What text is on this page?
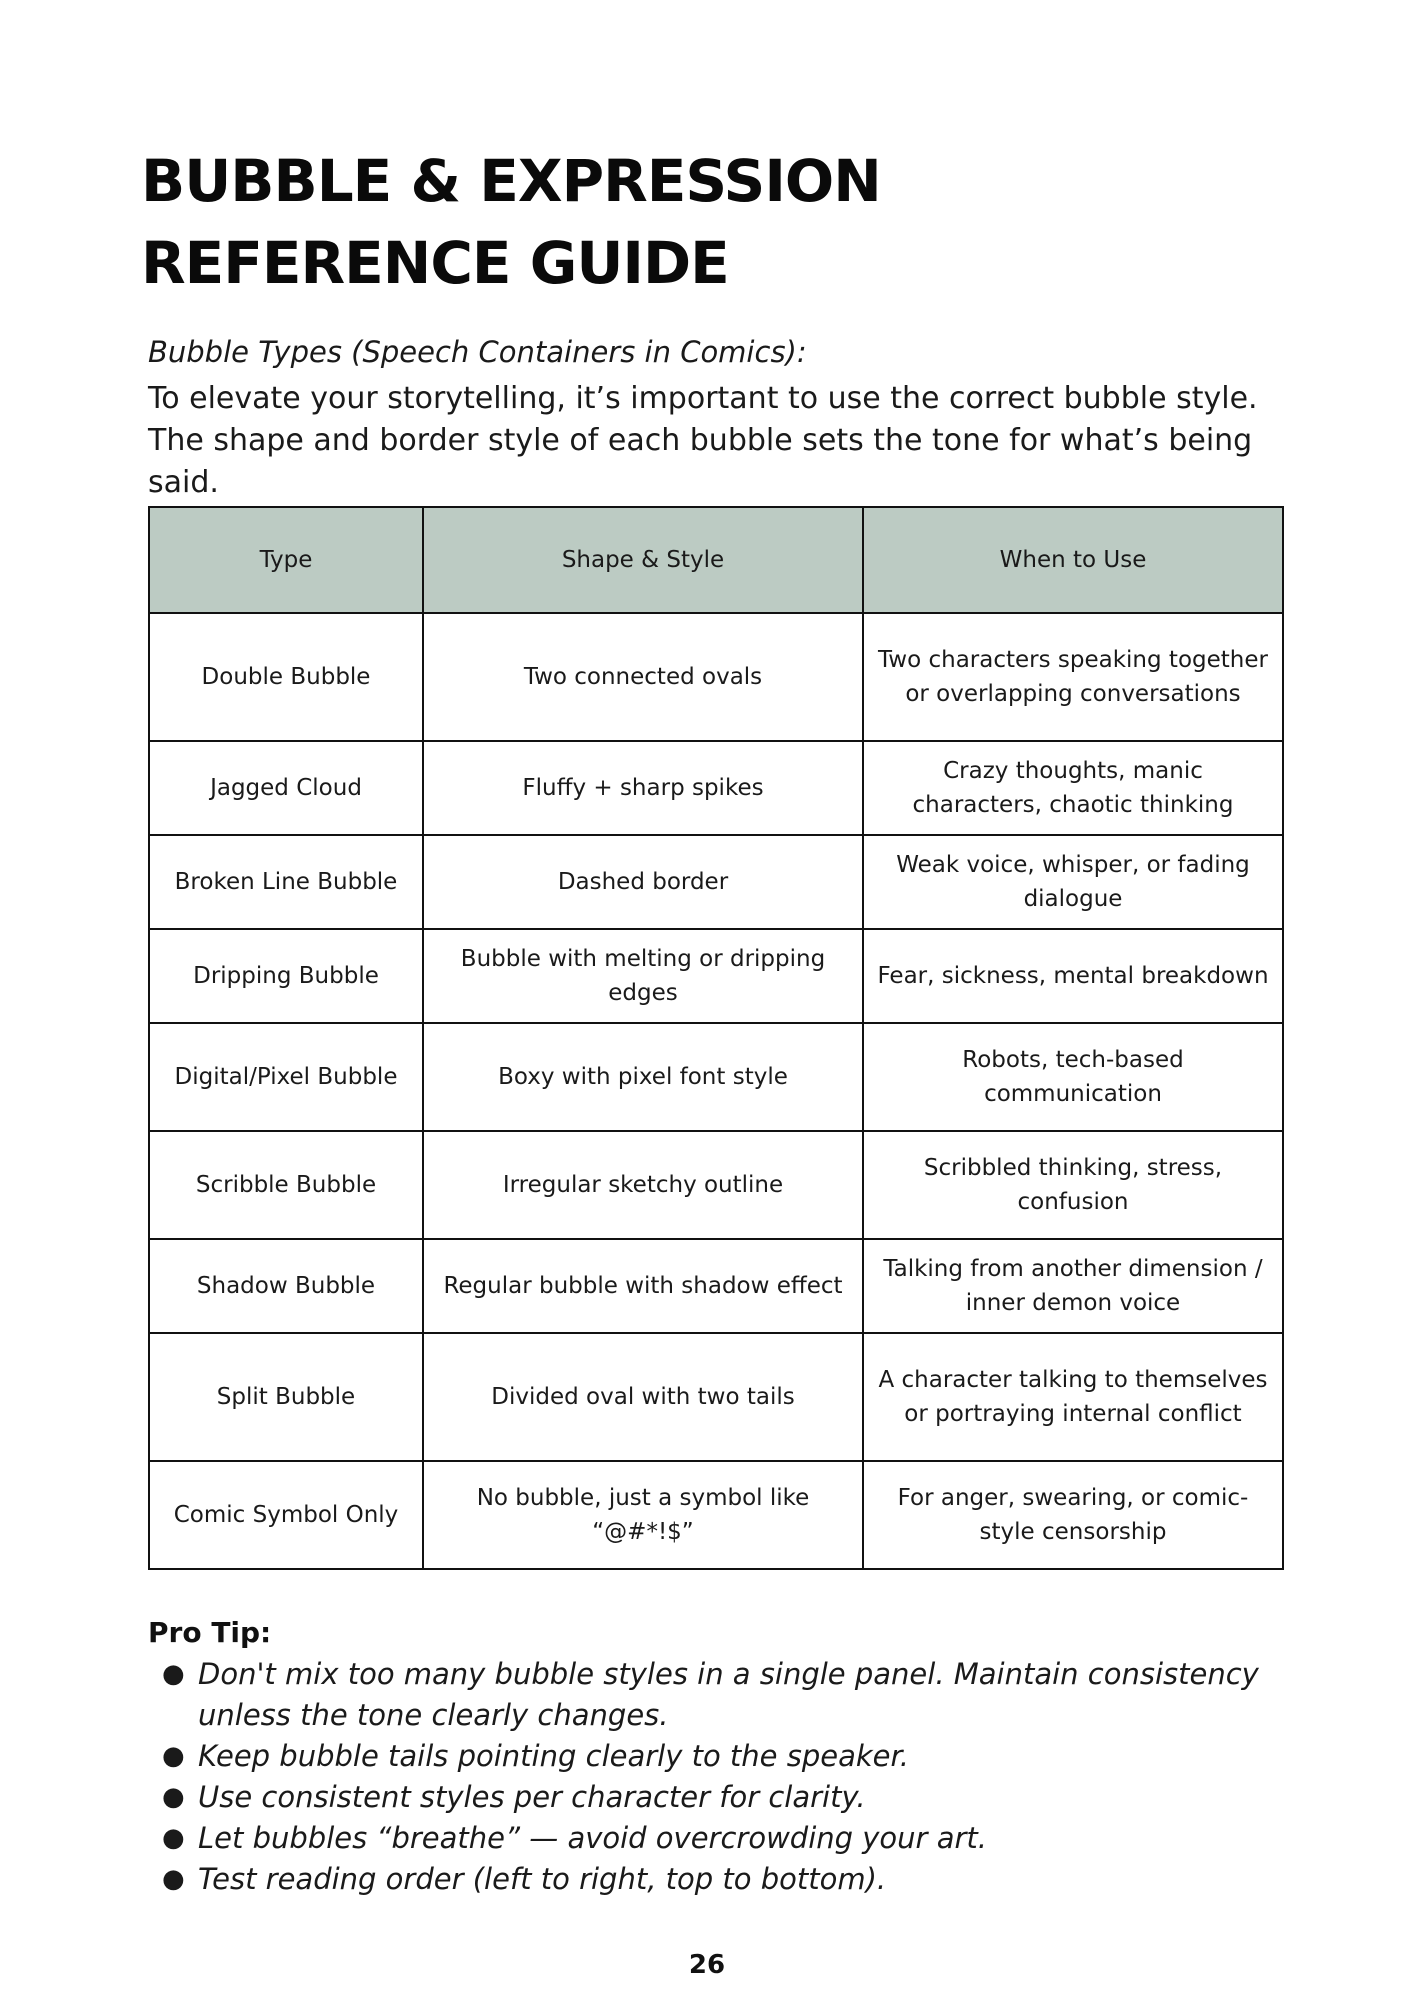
BUBBLE & EXPRESSION
REFERENCE GUIDE

Bubble Types (Speech Containers in Comics):

To elevate your storytelling, it’s important to use the correct bubble style.
The shape and border style of each bubble sets the tone for what’s being said.

Type	Shape & Style	When to Use
Double Bubble	Two connected ovals	Two characters speaking together or overlapping conversations
Jagged Cloud	Fluffy + sharp spikes	Crazy thoughts, manic characters, chaotic thinking
Broken Line Bubble	Dashed border	Weak voice, whisper, or fading dialogue
Dripping Bubble	Bubble with melting or dripping edges	Fear, sickness, mental breakdown
Digital/Pixel Bubble	Boxy with pixel font style	Robots, tech-based communication
Scribble Bubble	Irregular sketchy outline	Scribbled thinking, stress, confusion
Shadow Bubble	Regular bubble with shadow effect	Talking from another dimension / inner demon voice
Split Bubble	Divided oval with two tails	A character talking to themselves or portraying internal conflict
Comic Symbol Only	No bubble, just a symbol like “@#*!$”	For anger, swearing, or comic-style censorship

Pro Tip:

● Don't mix too many bubble styles in a single panel. Maintain consistency unless the tone clearly changes.
● Keep bubble tails pointing clearly to the speaker.
● Use consistent styles per character for clarity.
● Let bubbles “breathe” — avoid overcrowding your art.
● Test reading order (left to right, top to bottom).

26
